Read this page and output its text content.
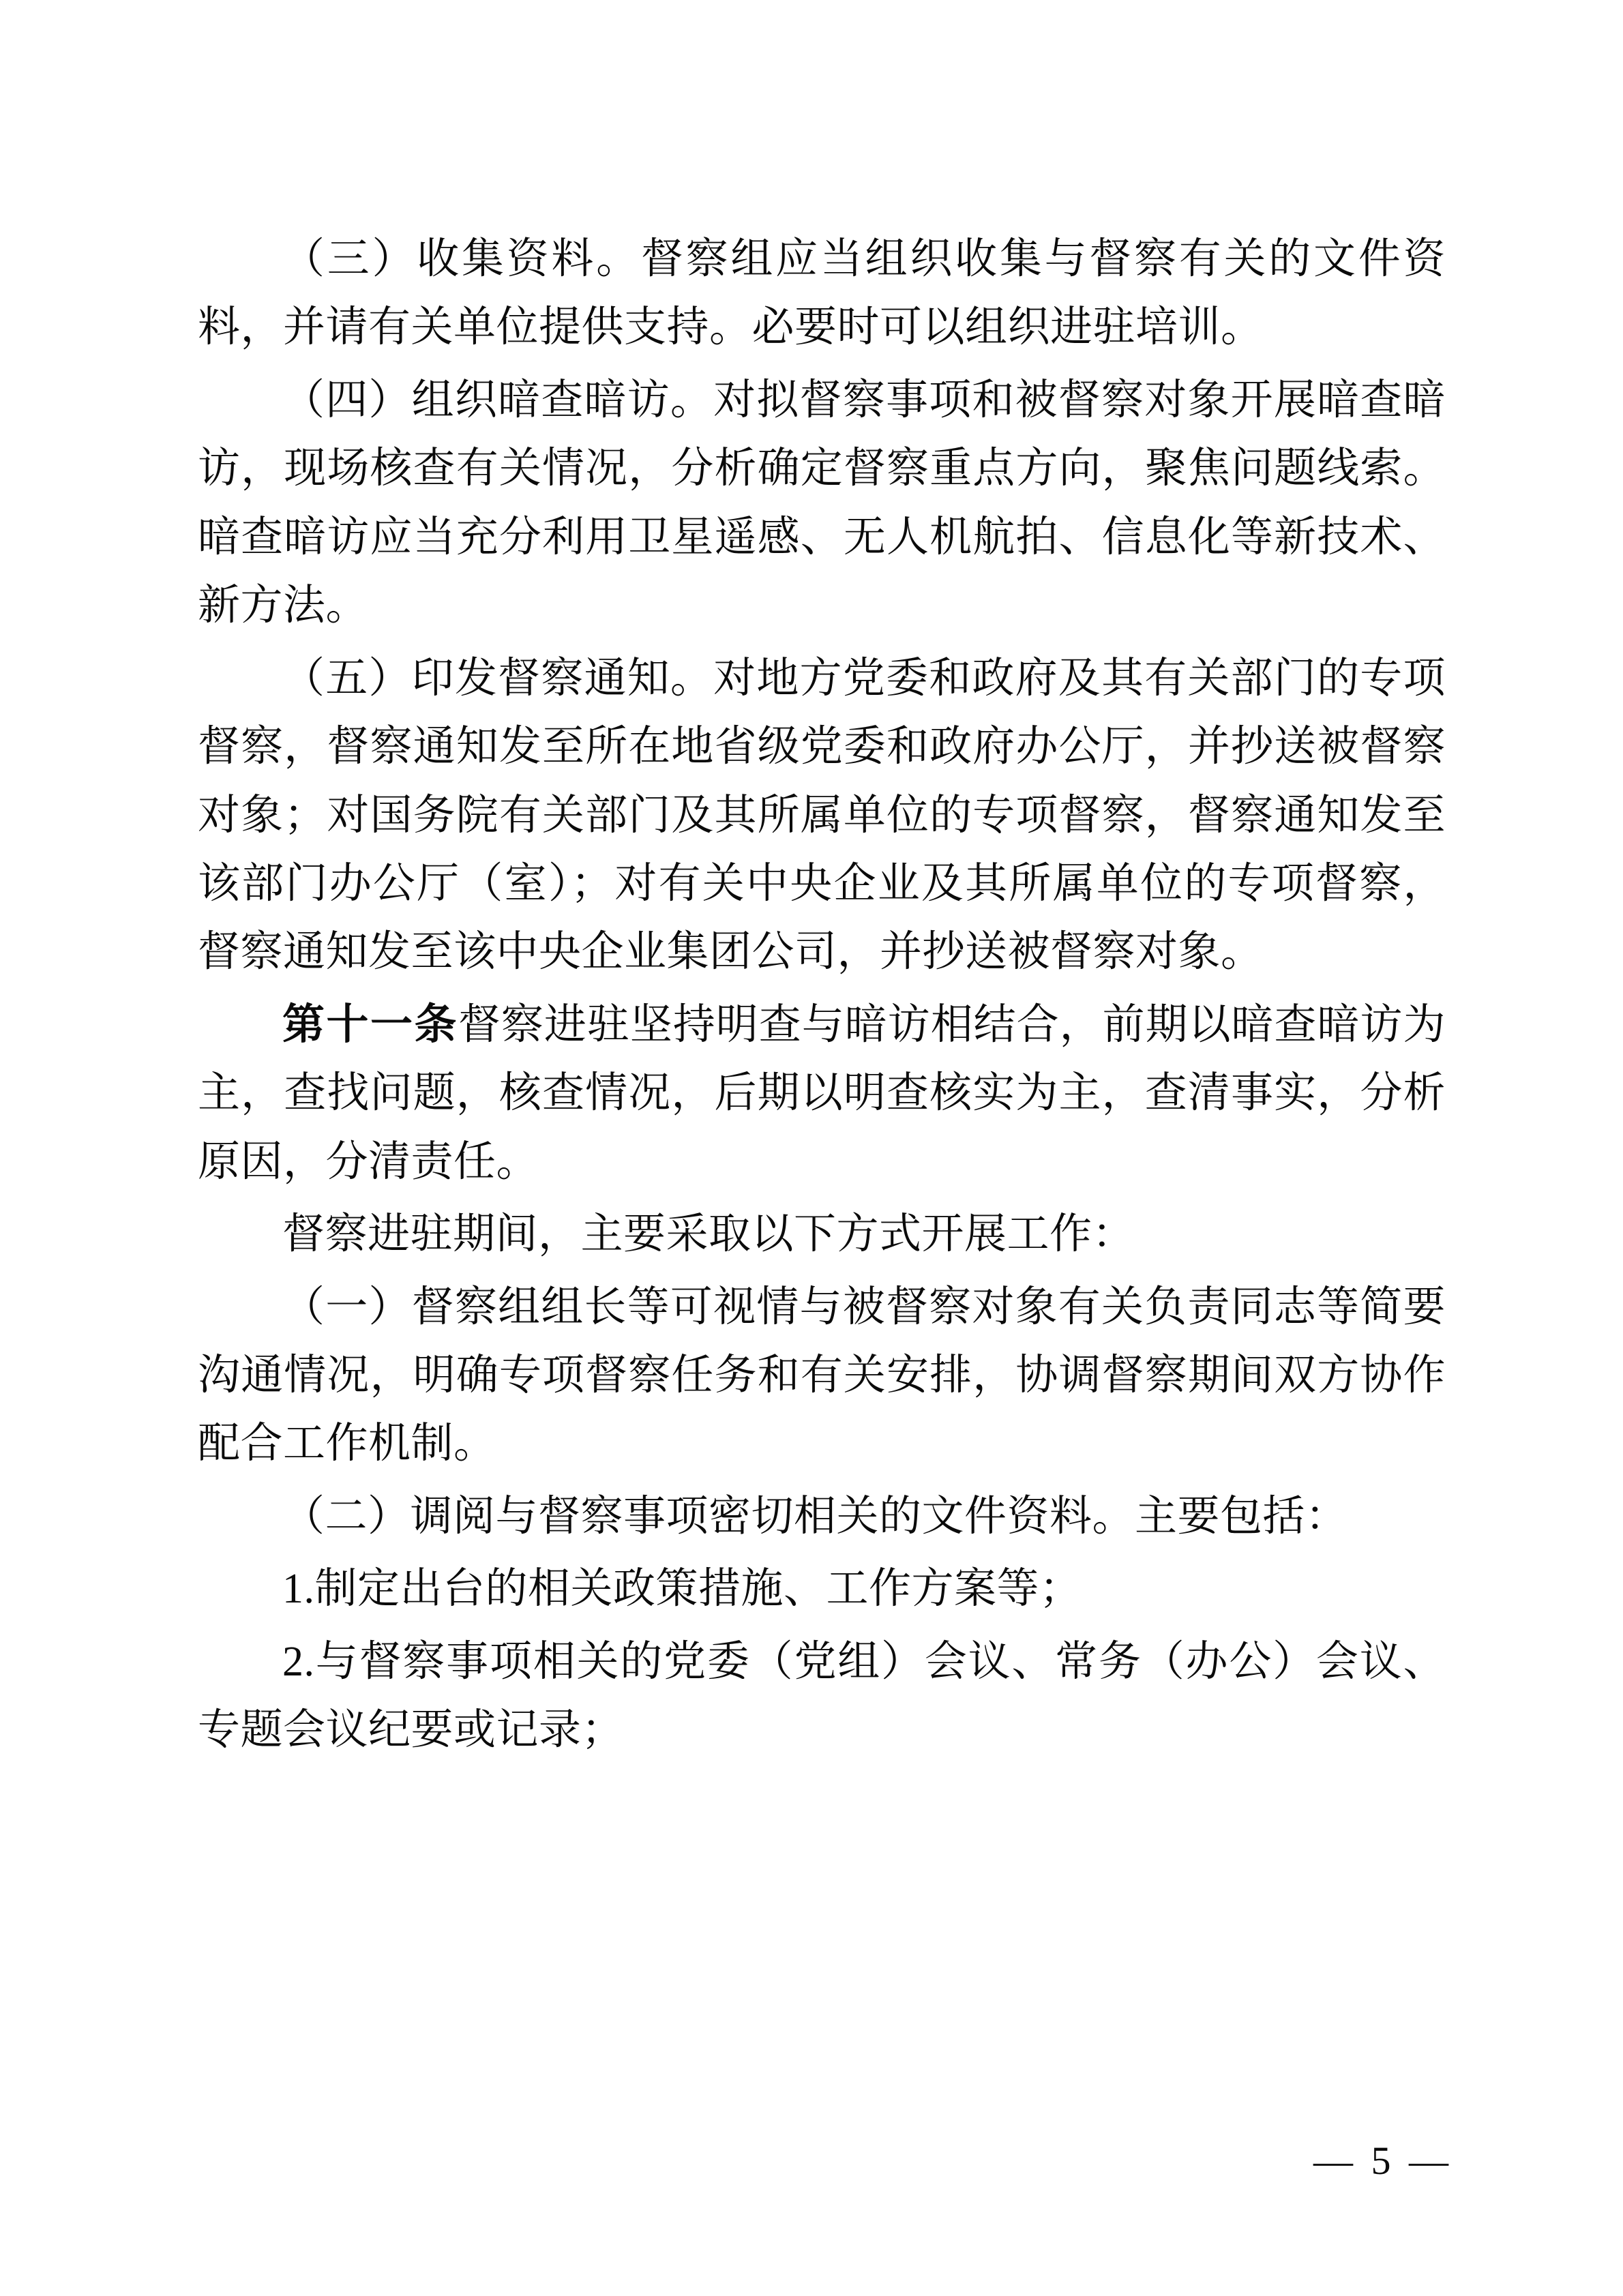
（三）收集资料。督察组应当组织收集与督察有关的文件资料，并请有关单位提供支持。必要时可以组织进驻培训。

（四）组织暗查暗访。对拟督察事项和被督察对象开展暗查暗访，现场核查有关情况，分析确定督察重点方向，聚焦问题线索。暗查暗访应当充分利用卫星遥感、无人机航拍、信息化等新技术、新方法。

（五）印发督察通知。对地方党委和政府及其有关部门的专项督察，督察通知发至所在地省级党委和政府办公厅，并抄送被督察对象；对国务院有关部门及其所属单位的专项督察，督察通知发至该部门办公厅（室）；对有关中央企业及其所属单位的专项督察，督察通知发至该中央企业集团公司，并抄送被督察对象。

第十一条督察进驻坚持明查与暗访相结合，前期以暗查暗访为主，查找问题，核查情况，后期以明查核实为主，查清事实，分析原因，分清责任。

督察进驻期间，主要采取以下方式开展工作：

（一）督察组组长等可视情与被督察对象有关负责同志等简要沟通情况，明确专项督察任务和有关安排，协调督察期间双方协作配合工作机制。

（二）调阅与督察事项密切相关的文件资料。主要包括：

1.制定出台的相关政策措施、工作方案等；

2.与督察事项相关的党委（党组）会议、常务（办公）会议、专题会议纪要或记录；

— 5 —
